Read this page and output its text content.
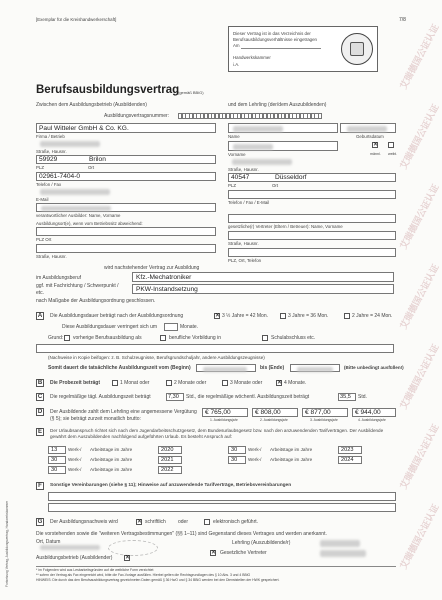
艾瑞德国公证认证
艾瑞德国公证认证
艾瑞德国公证认证
艾瑞德国公证认证
艾瑞德国公证认证
艾瑞德国公证认证
艾瑞德国公证认证
Fortsetzung Vertrag, Ausbildungsvertrag, Handwerkskammer
[Exemplar für die Kreishandwerkerschaft]	7/8
Dieser Vertrag ist in das Verzeichnis der Berufsausbildungsverhältnisse eingetragen
Am
Handwerkskammer
i.A.
Berufsausbildungsvertrag
(gemäß BBiG)
Zwischen dem Ausbildungsbetrieb (Ausbildenden)	und dem Lehrling (der/dem Auszubildenden)
Ausbildungsvertragsnummer:
Paul Witteler GmbH & Co. KG.
Firma / Betrieb
Straße, Hausnr.
59929	Brilon
PLZ	Ort
02961-7404-0
Telefon / Fax
E-Mail
verantwortlicher Ausbilder: Name, Vorname
Ausbildungsort(e), wenn vom Betriebssitz abweichend:
PLZ Ort
Straße, Hausnr.
Name	Geburtsdatum
✕
Vorname	männl. weibl.
Straße, Hausnr.
40547	Düsseldorf
PLZ	Ort
Telefon / Fax / E-Mail
gesetzliche(r) Vertreter (Eltern / Betreuer): Name, Vorname
Straße, Hausnr.
PLZ, Ort, Telefon
wird nachstehender Vertrag zur Ausbildung
im Ausbildungsberuf
ggf. mit Fachrichtung / Schwerpunkt / etc.
Kfz.-Mechatroniker
PKW-Instandsetzung
nach Maßgabe der Ausbildungsordnung geschlossen.
A	Die Ausbildungsdauer beträgt nach der Ausbildungsordnung	✕ 3 ½ Jahre = 42 Mon.	3 Jahre = 36 Mon.	2 Jahre = 24 Mon.
Diese Ausbildungsdauer verringert sich um	Monate.
Grund: vorherige Berufsausbildung als	berufliche Vorbildung in	Schulabschluss etc.
(Nachweise in Kopie beifügen: z. B. Schulzeugnisse, Berufsgrundschuljahr, andere Ausbildungszeugnisse)
Somit dauert die tatsächliche Ausbildungszeit vom (Beginn)	bis (Ende)	(Bitte unbedingt ausfüllen!)
B	Die Probezeit beträgt	1 Monat oder	2 Monate oder	3 Monate oder ✕ 4 Monate.
C	Die regelmäßige tägl. Ausbildungszeit beträgt	7,30 Std., die regelmäßige wöchentl. Ausbildungszeit beträgt	35,5 Std.
D	Der Ausbildende zahlt dem Lehrling eine angemessene Vergütung (§ 5); sie beträgt zurzeit monatlich brutto:
€ 765,00
1. Ausbildungsjahr
€ 808,00
2. Ausbildungsjahr
€ 877,00
3. Ausbildungsjahr
€ 944,00
4. Ausbildungsjahr
E	Der Urlaubsanspruch richtet sich nach dem Jugendarbeitsschutzgesetz, dem Bundesurlaubsgesetz bzw. nach den anzuwendenden Tarifverträgen. Der Ausbildende gewährt dem Auszubildenden nachfolgend aufgeführten Urlaub. Es besteht Anspruch auf:
13 Werk-/ Arbeitstage im Jahre	2020
30 Werk-/ Arbeitstage im Jahre	2021
30 Werk-/ Arbeitstage im Jahre	2022
30 Werk-/ Arbeitstage im Jahre	2023
30 Werk-/ Arbeitstage im Jahre	2024
F	Sonstige Vereinbarungen (siehe § 11); Hinweise auf anzuwendende Tarifverträge, Betriebsvereinbarungen
G	Der Ausbildungsnachweis wird	✕ schriftlich oder	elektronisch geführt.
Die vorstehenden sowie die "weiteren Vertragsbestimmungen" (§§ 1–11) sind Gegenstand dieses Vertrages und werden anerkannt.
Ort, Datum	Lehrling (Auszubildende/r)
Ausbildungsbetrieb (Ausbildender) ✕
✕ Gesetzliche Vertreter
* im Folgenden wird aus Lesbarkeitsgründen auf die weibliche Form verzichtet
** sofern der Vertrag als Fax eingereicht wird, bitte die Fax-Vorlage ausfüllen. Hierbei gelten die Rechtsgrundlagen des § 10 Abs. 3 und 4 BBiG
HINWEIS: Die durch das den Berufsausbildungsvertrag gezeichneten Daten gemäß § 36 HwO und § 34 BBiG werden bei den Dienststellen der HWK gespeichert.
